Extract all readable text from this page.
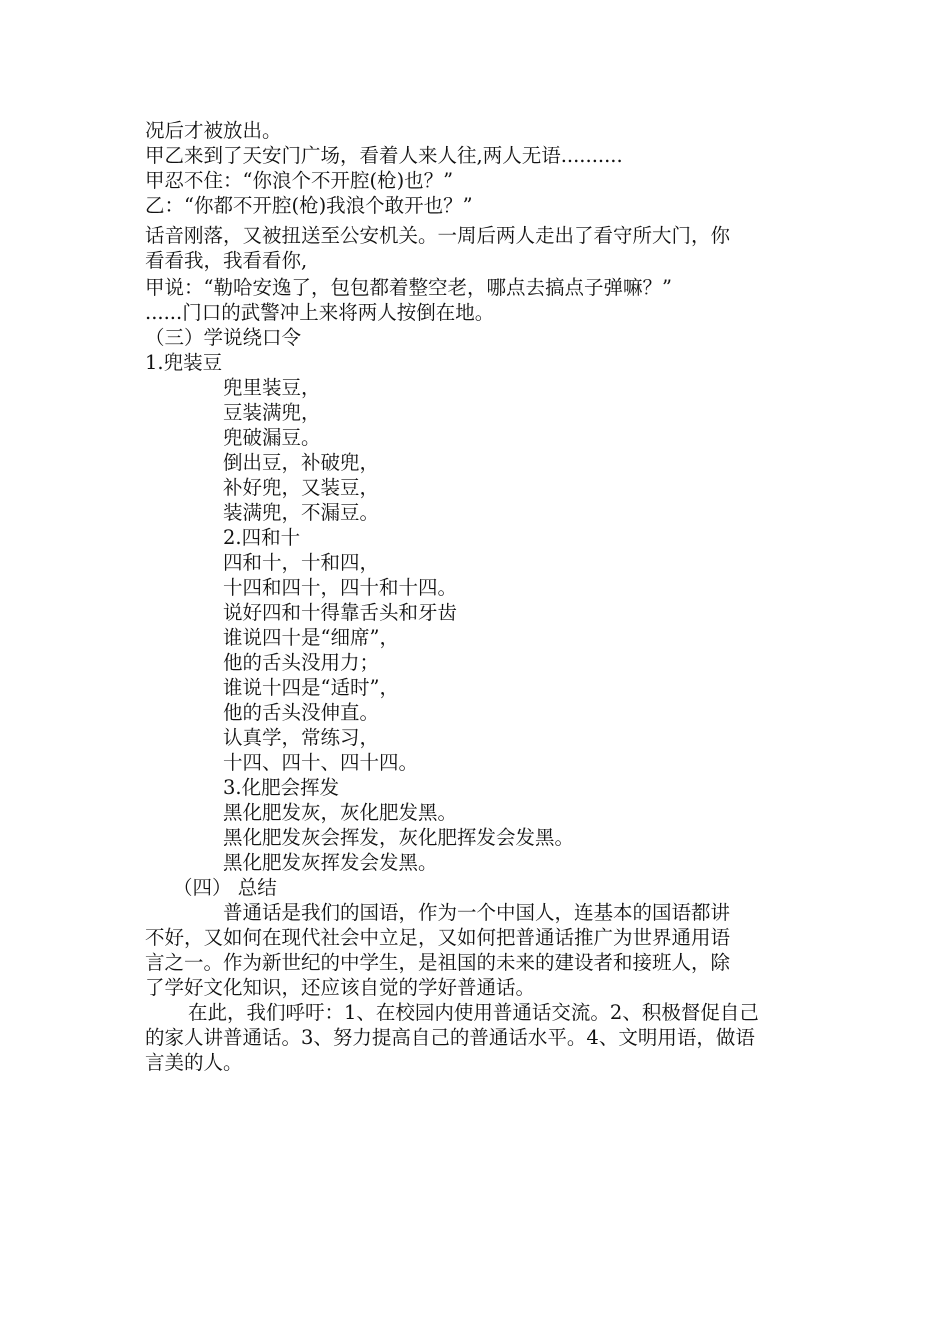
况后才被放出。
甲乙来到了天安门广场，看着人来人往,两人无语..........
甲忍不住：“你浪个不开腔(枪)也？”
乙：“你都不开腔(枪)我浪个敢开也？”
话音刚落，又被扭送至公安机关。一周后两人走出了看守所大门，你
看看我，我看看你,
甲说：“勒哈安逸了，包包都着整空老，哪点去搞点子弹嘛？”
......门口的武警冲上来将两人按倒在地。
（三）学说绕口令
1.兜装豆
兜里装豆，
豆装满兜，
兜破漏豆。
倒出豆，补破兜，
补好兜，又装豆，
装满兜，不漏豆。
2.四和十
四和十，十和四，
十四和四十，四十和十四。
说好四和十得靠舌头和牙齿
谁说四十是“细席”，
他的舌头没用力；
谁说十四是“适时”，
他的舌头没伸直。
认真学，常练习，
十四、四十、四十四。
3.化肥会挥发
黑化肥发灰，灰化肥发黑。
黑化肥发灰会挥发，灰化肥挥发会发黑。
黑化肥发灰挥发会发黑。
（四） 总结
普通话是我们的国语，作为一个中国人，连基本的国语都讲
不好，又如何在现代社会中立足，又如何把普通话推广为世界通用语
言之一。作为新世纪的中学生，是祖国的未来的建设者和接班人，除
了学好文化知识，还应该自觉的学好普通话。
在此，我们呼吁：1、在校园内使用普通话交流。2、积极督促自己
的家人讲普通话。3、努力提高自己的普通话水平。4、文明用语，做语
言美的人。
